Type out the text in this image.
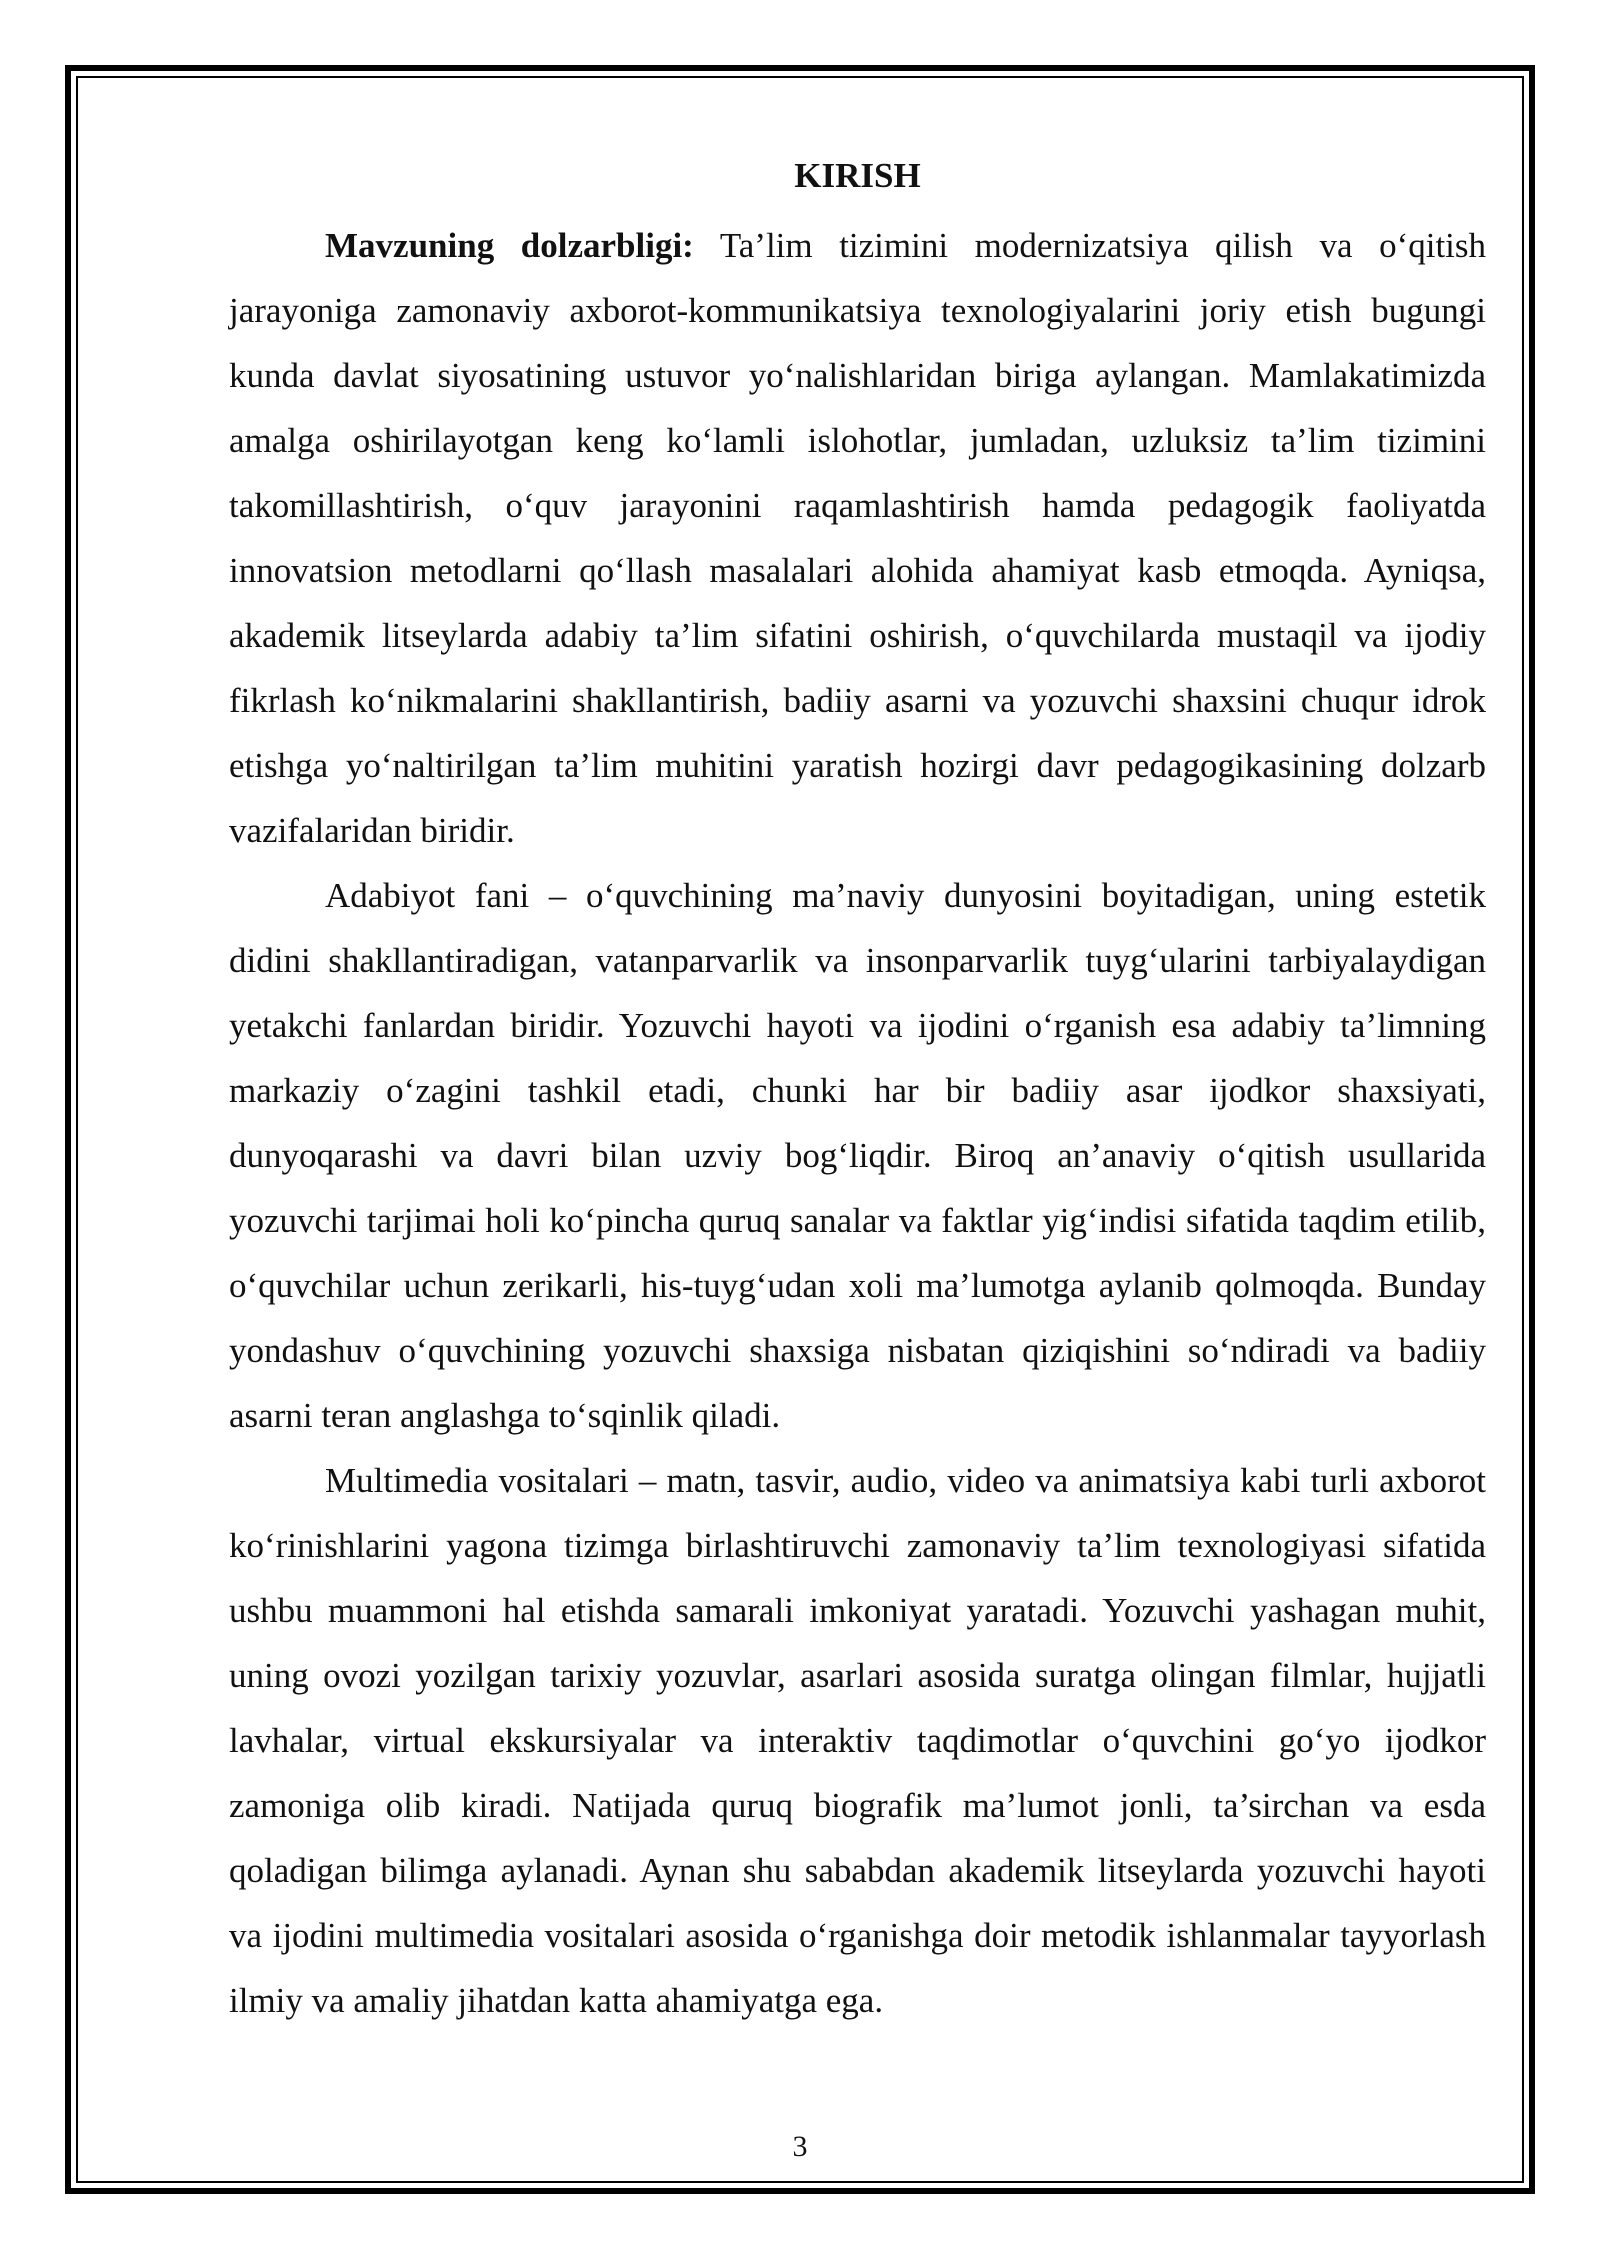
KIRISH

Mavzuning dolzarbligi: Ta’lim tizimini modernizatsiya qilish va o‘qitish jarayoniga zamonaviy axborot-kommunikatsiya texnologiyalarini joriy etish bugungi kunda davlat siyosatining ustuvor yo‘nalishlaridan biriga aylangan. Mamlakatimizda amalga oshirilayotgan keng ko‘lamli islohotlar, jumladan, uzluksiz ta’lim tizimini takomillashtirish, o‘quv jarayonini raqamlashtirish hamda pedagogik faoliyatda innovatsion metodlarni qo‘llash masalalari alohida ahamiyat kasb etmoqda. Ayniqsa, akademik litseylarda adabiy ta’lim sifatini oshirish, o‘quvchilarda mustaqil va ijodiy fikrlash ko‘nikmalarini shakllantirish, badiiy asarni va yozuvchi shaxsini chuqur idrok etishga yo‘naltirilgan ta’lim muhitini yaratish hozirgi davr pedagogikasining dolzarb vazifalaridan biridir.

Adabiyot fani – o‘quvchining ma’naviy dunyosini boyitadigan, uning estetik didini shakllantiradigan, vatanparvarlik va insonparvarlik tuyg‘ularini tarbiyalaydigan yetakchi fanlardan biridir. Yozuvchi hayoti va ijodini o‘rganish esa adabiy ta’limning markaziy o‘zagini tashkil etadi, chunki har bir badiiy asar ijodkor shaxsiyati, dunyoqarashi va davri bilan uzviy bog‘liqdir. Biroq an’anaviy o‘qitish usullarida yozuvchi tarjimai holi ko‘pincha quruq sanalar va faktlar yig‘indisi sifatida taqdim etilib, o‘quvchilar uchun zerikarli, his-tuyg‘udan xoli ma’lumotga aylanib qolmoqda. Bunday yondashuv o‘quvchining yozuvchi shaxsiga nisbatan qiziqishini so‘ndiradi va badiiy asarni teran anglashga to‘sqinlik qiladi.

Multimedia vositalari – matn, tasvir, audio, video va animatsiya kabi turli axborot ko‘rinishlarini yagona tizimga birlashtiruvchi zamonaviy ta’lim texnologiyasi sifatida ushbu muammoni hal etishda samarali imkoniyat yaratadi. Yozuvchi yashagan muhit, uning ovozi yozilgan tarixiy yozuvlar, asarlari asosida suratga olingan filmlar, hujjatli lavhalar, virtual ekskursiyalar va interaktiv taqdimotlar o‘quvchini go‘yo ijodkor zamoniga olib kiradi. Natijada quruq biografik ma’lumot jonli, ta’sirchan va esda qoladigan bilimga aylanadi. Aynan shu sababdan akademik litseylarda yozuvchi hayoti va ijodini multimedia vositalari asosida o‘rganishga doir metodik ishlanmalar tayyorlash ilmiy va amaliy jihatdan katta ahamiyatga ega.

3
